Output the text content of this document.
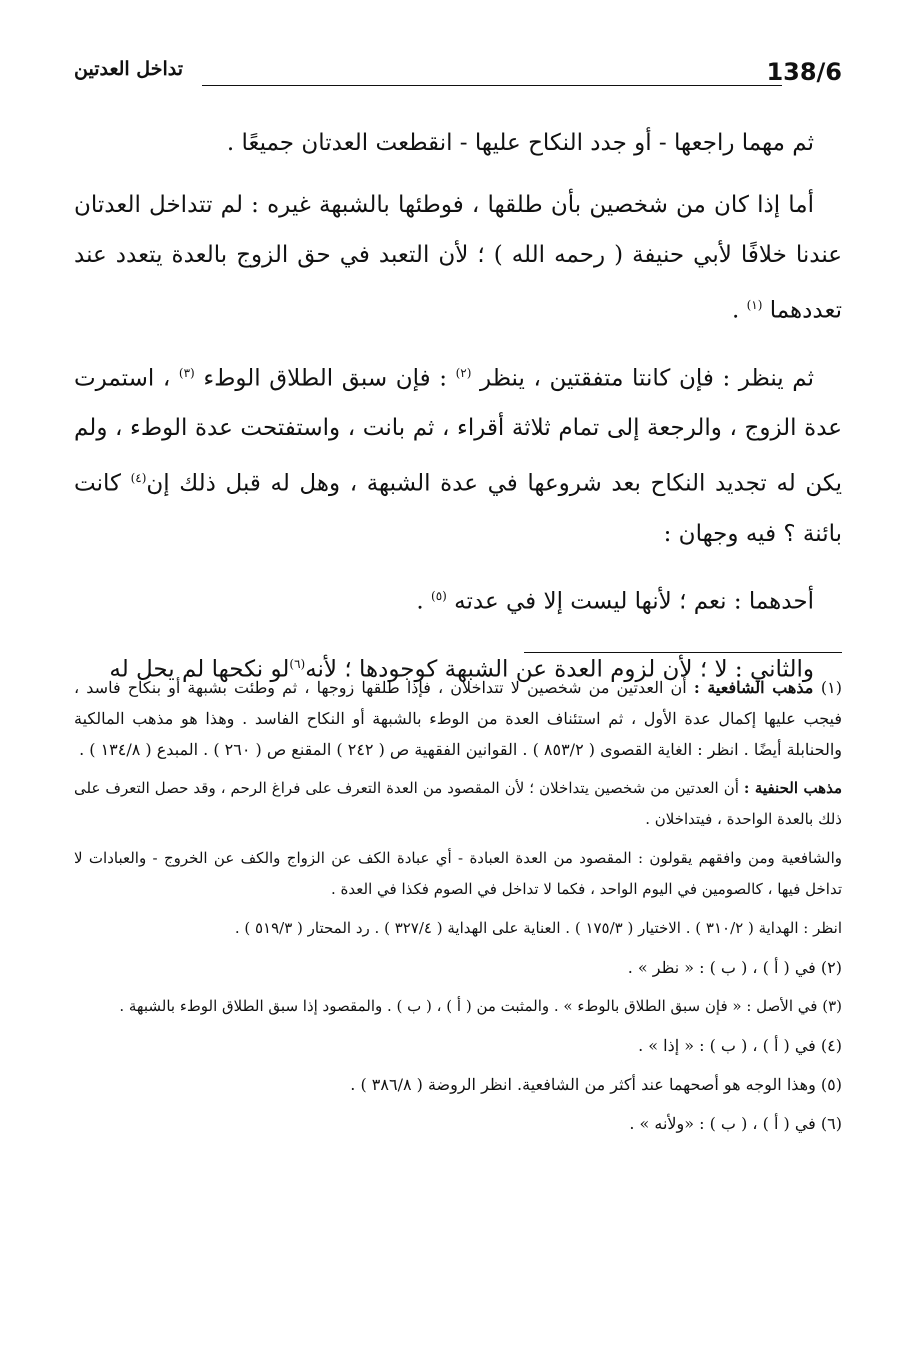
138/6
تداخل العدتين

ثم مهما راجعها - أو جدد النكاح عليها - انقطعت العدتان جميعًا .

أما إذا كان من شخصين بأن طلقها ، فوطئها بالشبهة غيره : لم تتداخل العدتان عندنا خلافًا لأبي حنيفة ( رحمه الله ) ؛ لأن التعبد في حق الزوج بالعدة يتعدد عند تعددهما $^{(١)}$ .

ثم ينظر : فإن كانتا متفقتين ، ينظر $^{(٢)}$ : فإن سبق الطلاق الوطء $^{(٣)}$ ، استمرت عدة الزوج ، والرجعة إلى تمام ثلاثة أقراء ، ثم بانت ، واستفتحت عدة الوطء ، ولم يكن له تجديد النكاح بعد شروعها في عدة الشبهة ، وهل له قبل ذلك إن$^{(٤)}$ كانت بائنة ؟ فيه وجهان :

أحدهما : نعم ؛ لأنها ليست إلا في عدته $^{(٥)}$ .

والثاني : لا ؛ لأن لزوم العدة عن الشبهة كوجودها ؛ لأنه$^{(٦)}$لو نكحها لم يحل له

(١) مذهب الشافعية : أن العدتين من شخصين لا تتداخلان ، فإذا طلقها زوجها ، ثم وطئت بشبهة أو بنكاح فاسد ، فيجب عليها إكمال عدة الأول ، ثم استئناف العدة من الوطء بالشبهة أو النكاح الفاسد . وهذا هو مذهب المالكية والحنابلة أيضًا . انظر : الغاية القصوى ( ٨٥٣/٢ ) . القوانين الفقهية ص ( ٢٤٢ ) المقنع ص ( ٢٦٠ ) . المبدع ( ١٣٤/٨ ) .

مذهب الحنفية : أن العدتين من شخصين يتداخلان ؛ لأن المقصود من العدة التعرف على فراغ الرحم ، وقد حصل التعرف على ذلك بالعدة الواحدة ، فيتداخلان .

والشافعية ومن وافقهم يقولون : المقصود من العدة العبادة - أي عبادة الكف عن الزواج والكف عن الخروج - والعبادات لا تداخل فيها ، كالصومين في اليوم الواحد ، فكما لا تداخل في الصوم فكذا في العدة .

انظر : الهداية ( ٣١٠/٢ ) . الاختيار ( ١٧٥/٣ ) . العناية على الهداية ( ٣٢٧/٤ ) . رد المحتار ( ٥١٩/٣ ) .

(٢) في ( أ ) ، ( ب ) : « نظر » .

(٣) في الأصل : « فإن سبق الطلاق بالوطء » . والمثبت من ( أ ) ، ( ب ) . والمقصود إذا سبق الطلاق الوطء بالشبهة .

(٤) في ( أ ) ، ( ب ) : « إذا » .

(٥) وهذا الوجه هو أصحهما عند أكثر من الشافعية. انظر الروضة ( ٣٨٦/٨ ) .

(٦) في ( أ ) ، ( ب ) : «ولأنه » .
